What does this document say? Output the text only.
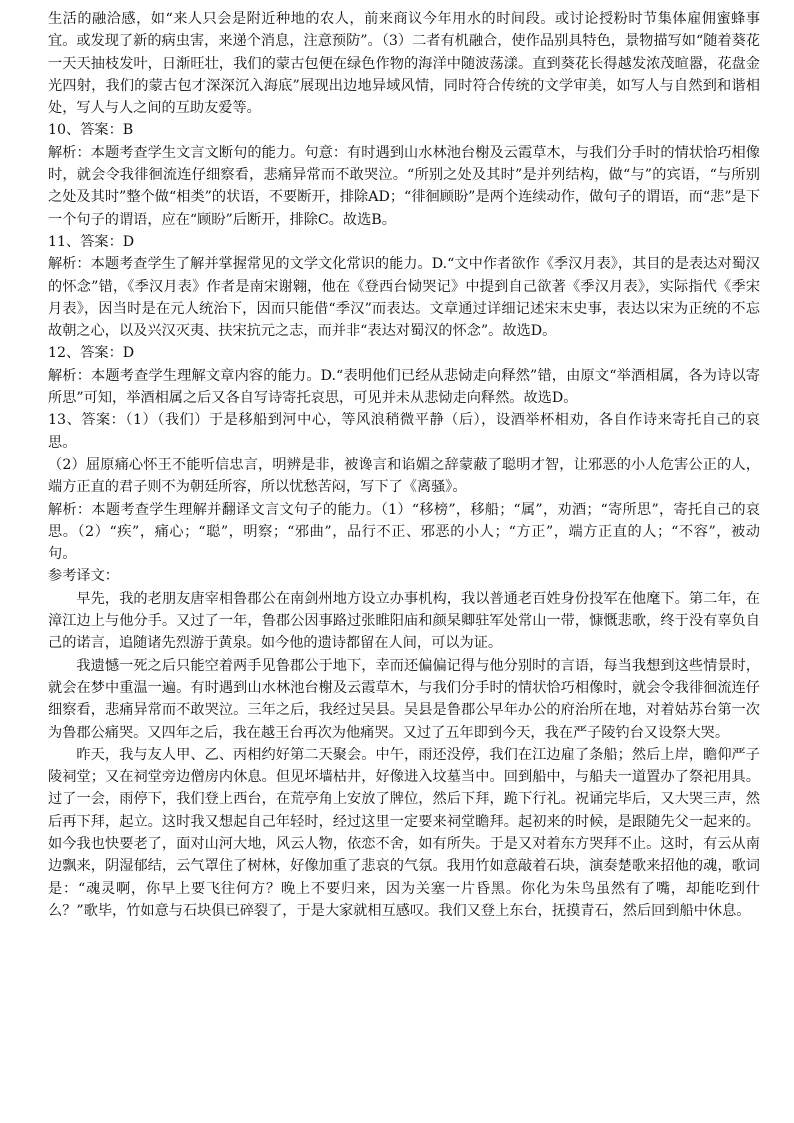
生活的融洽感，如“来人只会是附近种地的农人，前来商议今年用水的时间段。或讨论授粉时节集体雇佣蜜蜂事宜。或发现了新的病虫害，来递个消息，注意预防”。（3）二者有机融合，使作品别具特色，景物描写如“随着葵花一天天抽枝发叶，日渐旺壮，我们的蒙古包便在绿色作物的海洋中随波荡漾。直到葵花长得越发浓茂暄嚣，花盘金光四射，我们的蒙古包才深深沉入海底”展现出边地异域风情，同时符合传统的文学审美，如写人与自然到和谐相处，写人与人之间的互助友爱等。

10、答案：B

解析：本题考查学生文言文断句的能力。句意：有时遇到山水林池台榭及云霞草木，与我们分手时的情状恰巧相像时，就会令我徘徊流连仔细察看，悲痛异常而不敢哭泣。“所别之处及其时”是并列结构，做“与”的宾语，“与所别之处及其时”整个做“相类”的状语，不要断开，排除AD；“徘徊顾盼”是两个连续动作，做句子的谓语，而“悲”是下一个句子的谓语，应在“顾盼”后断开，排除C。故选B。

11、答案：D

解析：本题考查学生了解并掌握常见的文学文化常识的能力。D.“文中作者欲作《季汉月表》，其目的是表达对蜀汉的怀念”错，《季汉月表》作者是南宋谢翱，他在《登西台恸哭记》中提到自己欲著《季汉月表》，实际指代《季宋月表》，因当时是在元人统治下，因而只能借“季汉”而表达。文章通过详细记述宋末史事，表达以宋为正统的不忘故朝之心，以及兴汉灭夷、扶宋抗元之志，而并非“表达对蜀汉的怀念”。故选D。

12、答案：D

解析：本题考查学生理解文章内容的能力。D.“表明他们已经从悲恸走向释然”错，由原文“举酒相属，各为诗以寄所思”可知，举酒相属之后又各自写诗寄托哀思，可见并未从悲恸走向释然。故选D。

13、答案：（1）（我们）于是移船到河中心，等风浪稍微平静（后），设酒举杯相劝，各自作诗来寄托自己的哀思。

（2）屈原痛心怀王不能听信忠言，明辨是非，被谗言和谄媚之辞蒙蔽了聪明才智，让邪恶的小人危害公正的人，端方正直的君子则不为朝廷所容，所以忧愁苦闷，写下了《离骚》。

解析：本题考查学生理解并翻译文言文句子的能力。（1）“移榜”，移船；“属”，劝酒；“寄所思”，寄托自己的哀思。（2）“疾”，痛心；“聪”，明察；“邪曲”，品行不正、邪恶的小人；“方正”，端方正直的人；“不容”，被动句。

参考译文：

早先，我的老朋友唐宰相鲁郡公在南剑州地方设立办事机构，我以普通老百姓身份投军在他麾下。第二年，在漳江边上与他分手。又过了一年，鲁郡公因事路过张睢阳庙和颜杲卿驻军处常山一带，慷慨悲歌，终于没有辜负自己的诺言，追随诸先烈游于黄泉。如今他的遗诗都留在人间，可以为证。

我遗憾一死之后只能空着两手见鲁郡公于地下，幸而还偏偏记得与他分别时的言语，每当我想到这些情景时，就会在梦中重温一遍。有时遇到山水林池台榭及云霞草木，与我们分手时的情状恰巧相像时，就会令我徘徊流连仔细察看，悲痛异常而不敢哭泣。三年之后，我经过吴县。吴县是鲁郡公早年办公的府治所在地，对着姑苏台第一次为鲁郡公痛哭。又四年之后，我在越王台再次为他痛哭。又过了五年即到今天，我在严子陵钓台又设祭大哭。

昨天，我与友人甲、乙、丙相约好第二天聚会。中午，雨还没停，我们在江边雇了条船；然后上岸，瞻仰严子陵祠堂；又在祠堂旁边僧房内休息。但见坏墙枯井，好像进入坟墓当中。回到船中，与船夫一道置办了祭祀用具。过了一会，雨停下，我们登上西台，在荒亭角上安放了牌位，然后下拜，跪下行礼。祝诵完毕后，又大哭三声，然后再下拜，起立。这时我又想起自己年轻时，经过这里一定要来祠堂瞻拜。起初来的时候，是跟随先父一起来的。如今我也快要老了，面对山河大地，风云人物，依恋不舍，如有所失。于是又对着东方哭拜不止。这时，有云从南边飘来，阴湿郁结，云气罩住了树林，好像加重了悲哀的气氛。我用竹如意敲着石块，演奏楚歌来招他的魂，歌词是：“魂灵啊，你早上要飞往何方？晚上不要归来，因为关塞一片昏黑。你化为朱鸟虽然有了嘴，却能吃到什么？”歌毕，竹如意与石块俱已碎裂了，于是大家就相互感叹。我们又登上东台，抚摸青石，然后回到船中休息。
